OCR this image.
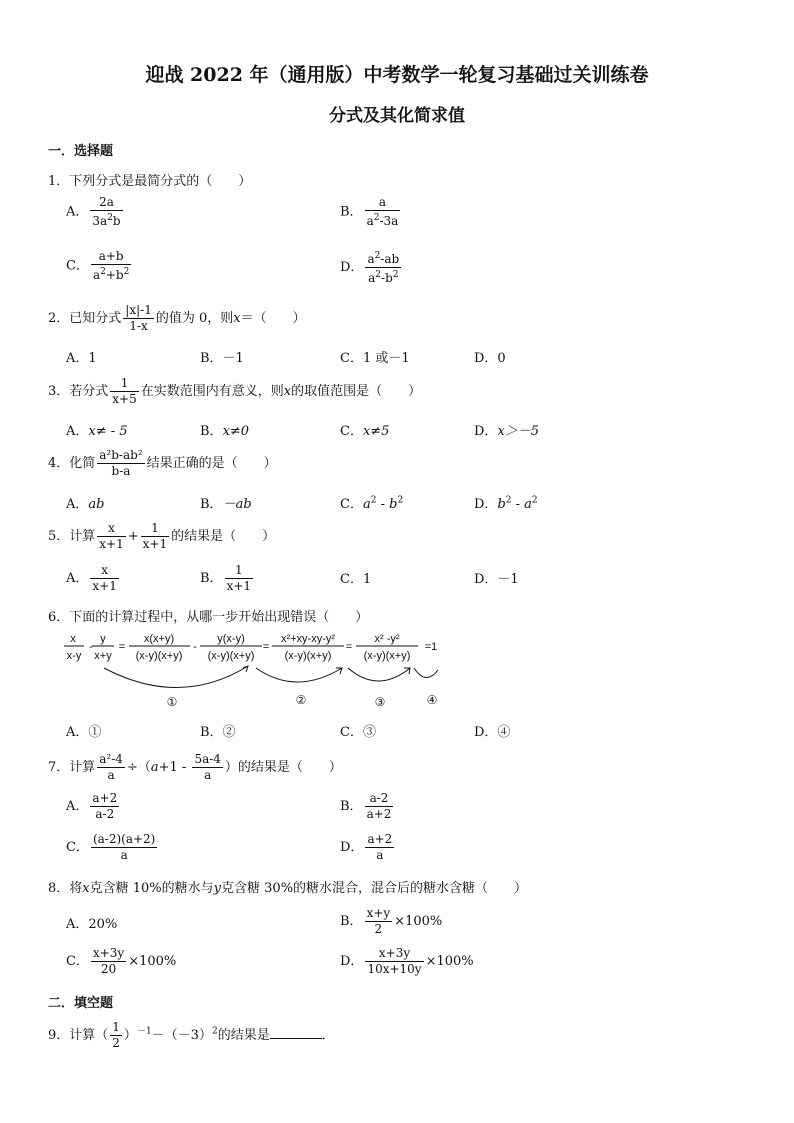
迎战 2022 年（通用版）中考数学一轮复习基础过关训练卷
分式及其化简求值
一．选择题
1．下列分式是最简分式的（　　）
A． $\frac{2a}{3a^2b}$	B． $\frac{a}{a^2-3a}$
C． $\frac{a+b}{a^2+b^2}$	D． $\frac{a^2-ab}{a^2-b^2}$
2．已知分式 $\frac{|x|-1}{1-x}$ 的值为 0，则x＝（　　）
A．1	B．－1	C．1 或－1	D．0
3．若分式 $\frac{1}{x+5}$ 在实数范围内有意义，则x的取值范围是（　　）
A．x≠ - 5	B．x≠0	C．x≠5	D．x＞－5
4．化简 $\frac{\text{a²b-ab²}}{b-a}$ 结果正确的是（　　）
A．ab	B．－ab	C．$a^2 - b^2$	D．$b^2 - a^2$
5．计算 $\frac{x}{x+1} + \frac{1}{x+1}$ 的结果是（　　）
A． $\frac{x}{x+1}$	B． $\frac{1}{x+1}$	C．1	D．－1
6．下面的计算过程中，从哪一步开始出现错误（　　）
x
x-y
-
y
x+y
=
x(x+y)
(x-y)(x+y)
-
y(x-y)
(x-y)(x+y)
=
x²+xy-xy-y²
(x-y)(x+y)
=
x² -y²
(x-y)(x+y)
=1
①	②	③	④
A．①	B．②	C．③	D．④
7．计算 $\frac{\text{a²-4}}{a} \div(a+1 - \frac{5a-4}{a}$ ）的结果是（　　）
A． $\frac{a+2}{a-2}$	B． $\frac{a-2}{a+2}$
C． $\frac{(a-2)(a+2)}{a}$	D． $\frac{a+2}{a}$
8．将x克含糖 10%的糖水与y克含糖 30%的糖水混合，混合后的糖水含糖（　　）
A．20%	B． $\frac{x+y}{2} \times 100\%$
C． $\frac{x+3y}{20} \times 100\%$	D． $\frac{x+3y}{10x+10y} \times 100\%$
二．填空题
9．计算（ $\frac{1}{2} )^{-1}-(-3)^2$的结果是	．
